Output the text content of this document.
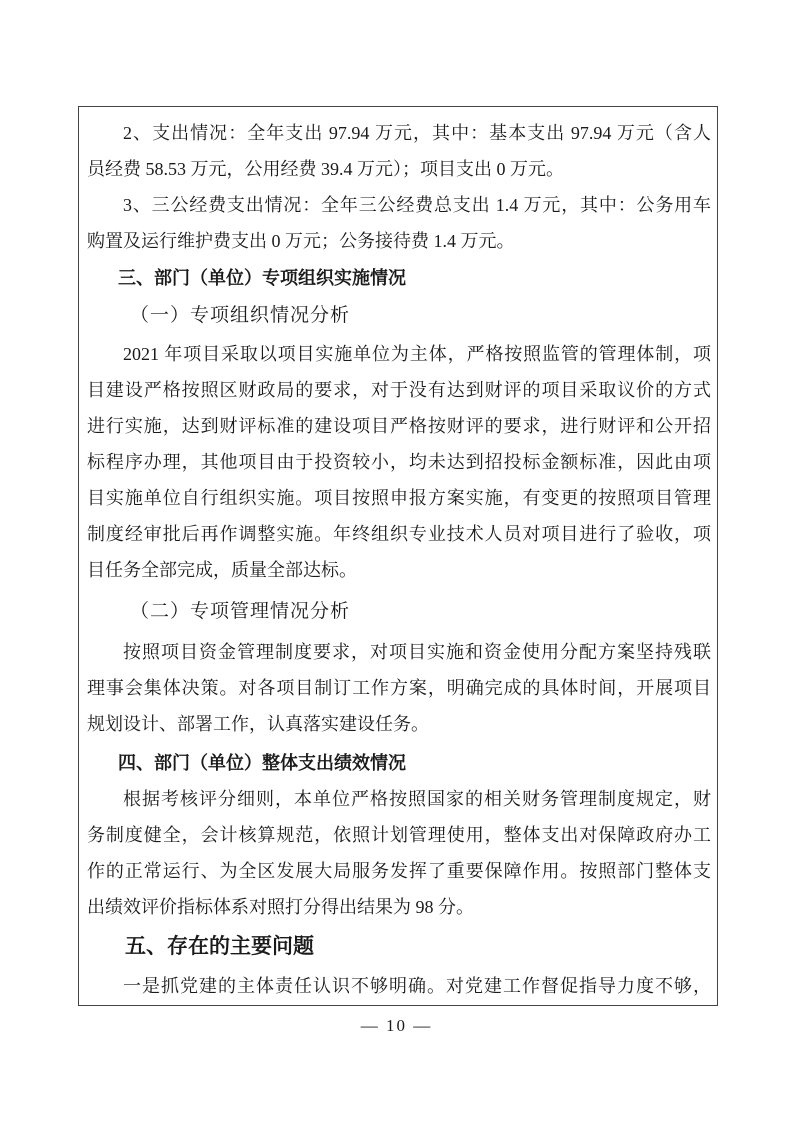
2、支出情况：全年支出 97.94 万元，其中：基本支出 97.94 万元（含人
员经费 58.53 万元，公用经费 39.4 万元）；项目支出 0 万元。
3、三公经费支出情况：全年三公经费总支出 1.4 万元，其中：公务用车
购置及运行维护费支出 0 万元；公务接待费 1.4 万元。
三、部门（单位）专项组织实施情况
（一）专项组织情况分析
2021 年项目采取以项目实施单位为主体，严格按照监管的管理体制，项
目建设严格按照区财政局的要求，对于没有达到财评的项目采取议价的方式
进行实施，达到财评标准的建设项目严格按财评的要求，进行财评和公开招
标程序办理，其他项目由于投资较小，均未达到招投标金额标准，因此由项
目实施单位自行组织实施。项目按照申报方案实施，有变更的按照项目管理
制度经审批后再作调整实施。年终组织专业技术人员对项目进行了验收，项
目任务全部完成，质量全部达标。
（二）专项管理情况分析
按照项目资金管理制度要求，对项目实施和资金使用分配方案坚持残联
理事会集体决策。对各项目制订工作方案，明确完成的具体时间，开展项目
规划设计、部署工作，认真落实建设任务。
四、部门（单位）整体支出绩效情况
根据考核评分细则，本单位严格按照国家的相关财务管理制度规定，财
务制度健全，会计核算规范，依照计划管理使用，整体支出对保障政府办工
作的正常运行、为全区发展大局服务发挥了重要保障作用。按照部门整体支
出绩效评价指标体系对照打分得出结果为 98 分。
五、存在的主要问题
一是抓党建的主体责任认识不够明确。对党建工作督促指导力度不够，
— 10 —
